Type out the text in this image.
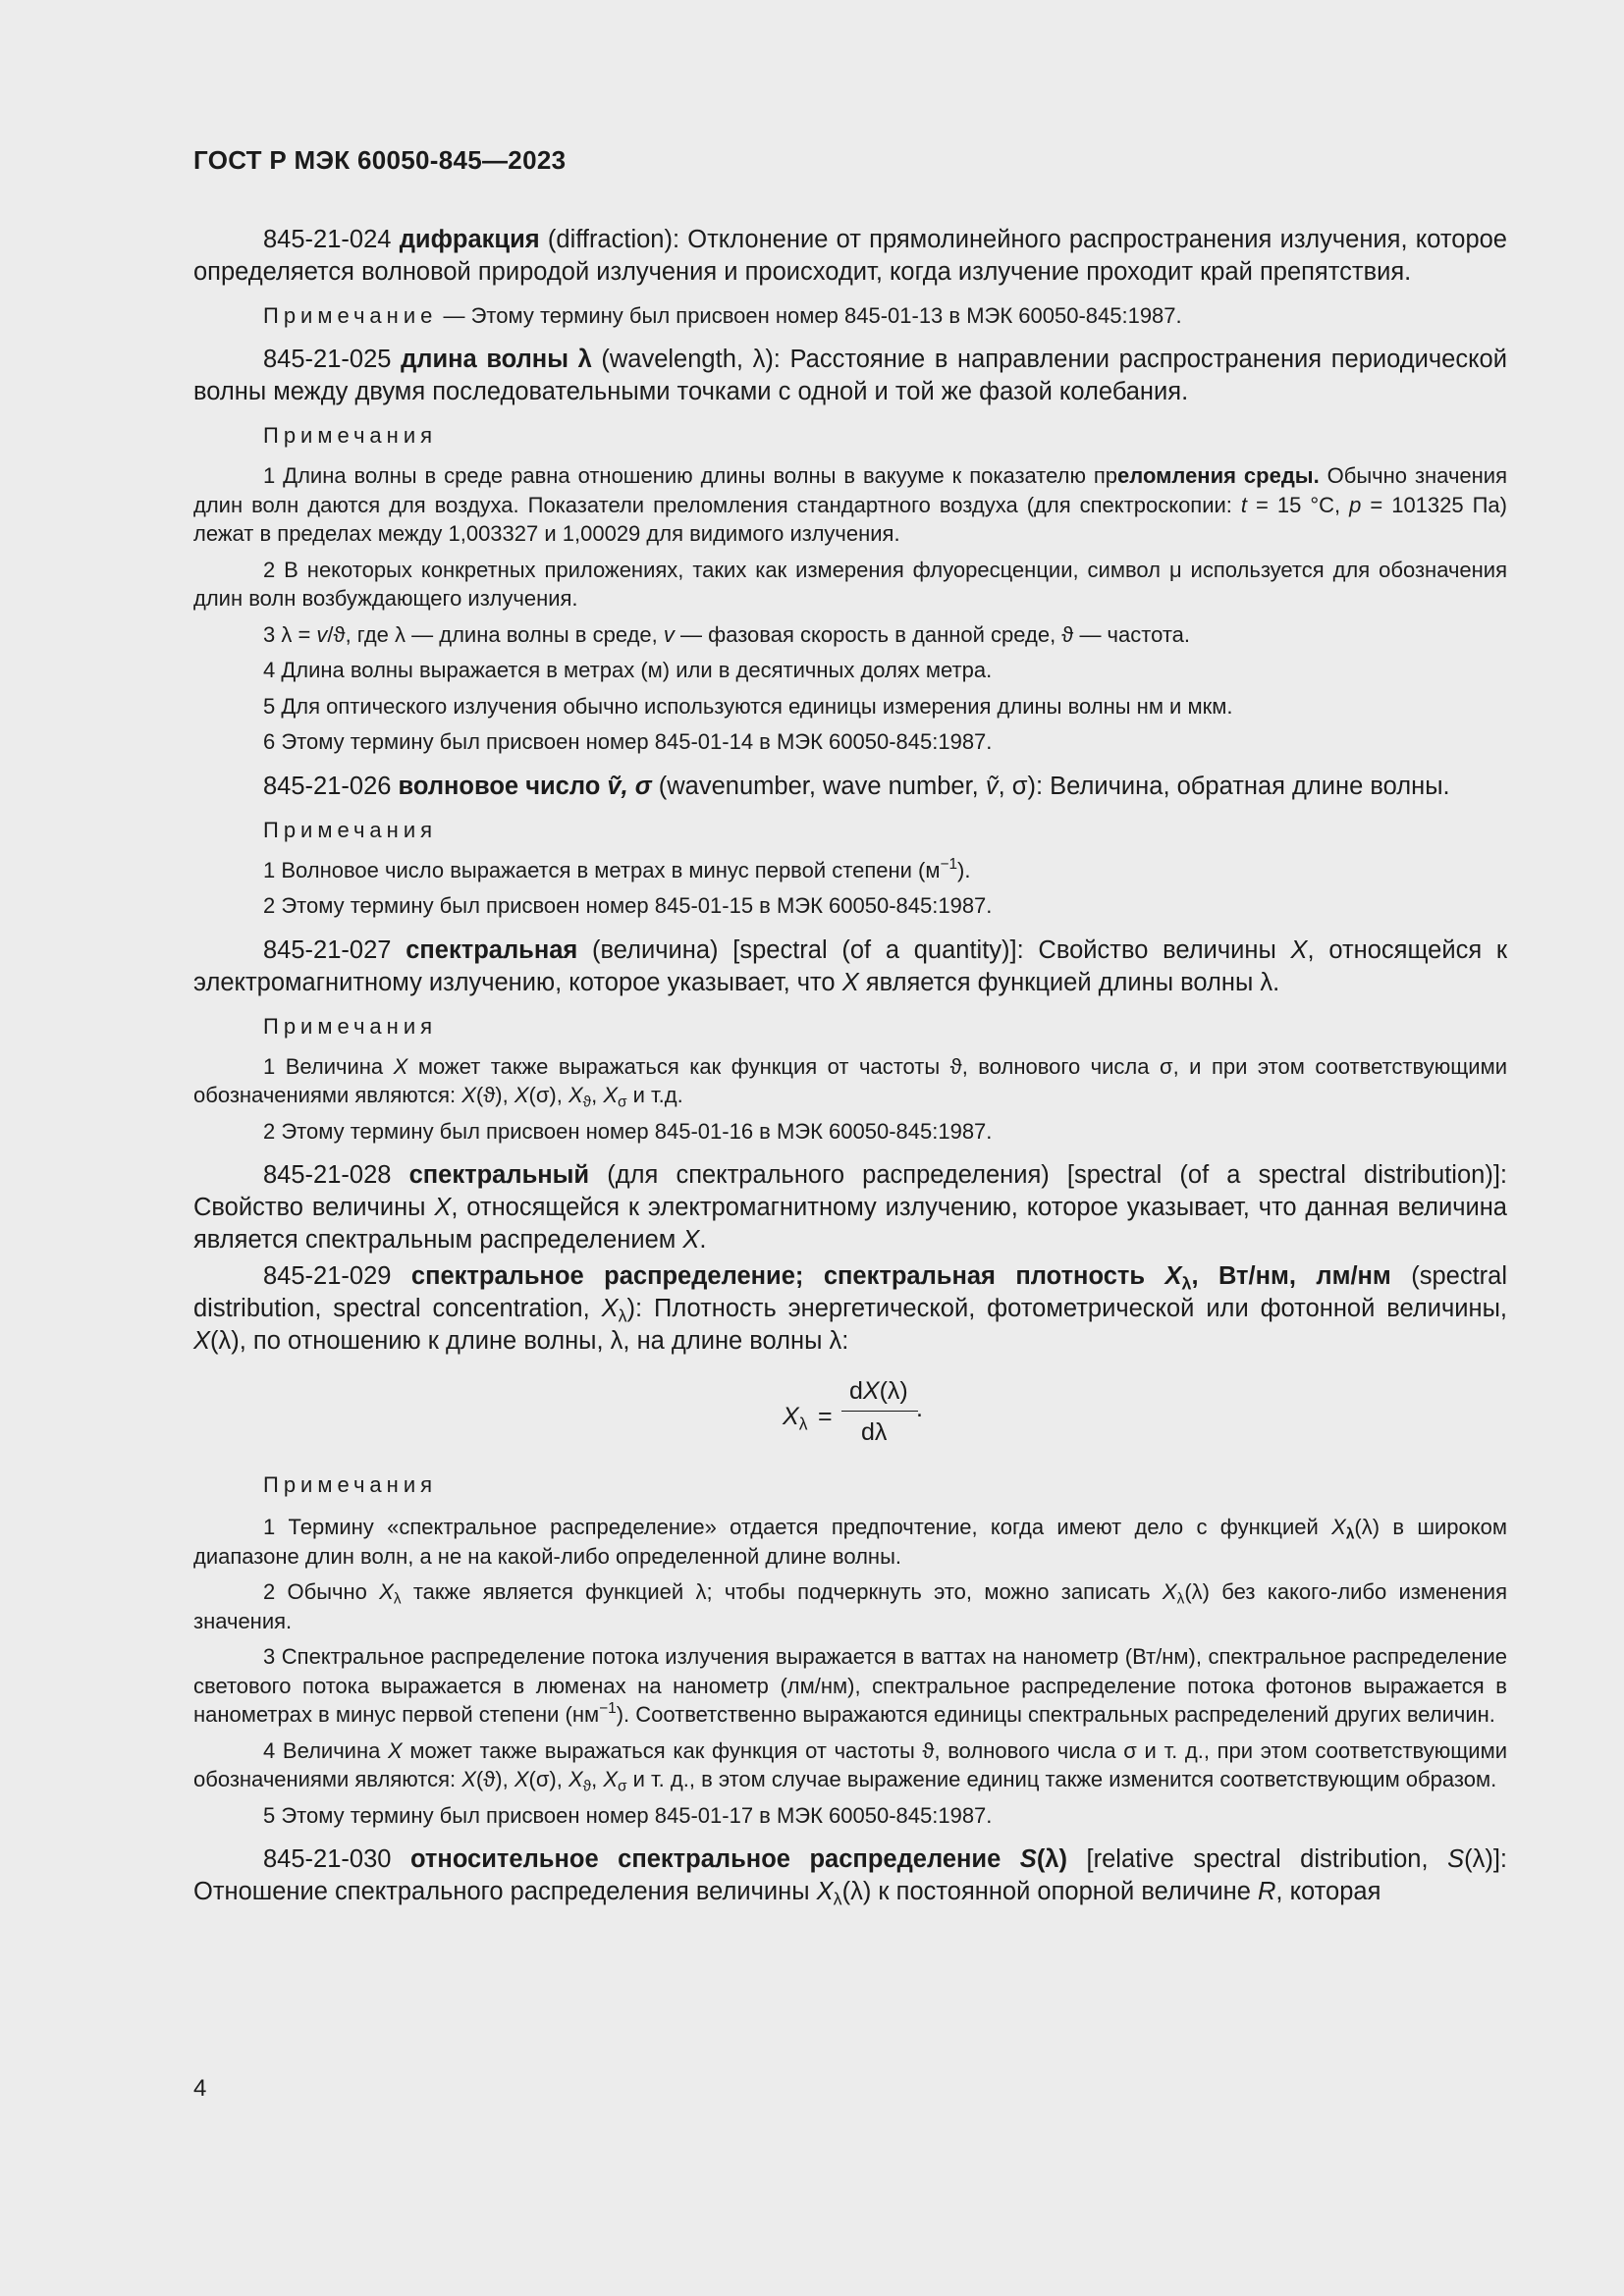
ГОСТ Р МЭК 60050-845—2023

845-21-024 дифракция (diffraction): Отклонение от прямолинейного распространения излучения, которое определяется волновой природой излучения и происходит, когда излучение проходит край препятствия.

Примечание — Этому термину был присвоен номер 845-01-13 в МЭК 60050-845:1987.

845-21-025 длина волны λ (wavelength, λ): Расстояние в направлении распространения периодической волны между двумя последовательными точками с одной и той же фазой колебания.

Примечания

1 Длина волны в среде равна отношению длины волны в вакууме к показателю преломления среды. Обычно значения длин волн даются для воздуха. Показатели преломления стандартного воздуха (для спектроскопии: t = 15 °С, p = 101325 Па) лежат в пределах между 1,003327 и 1,00029 для видимого излучения.

2 В некоторых конкретных приложениях, таких как измерения флуоресценции, символ μ используется для обозначения длин волн возбуждающего излучения.

3 λ = v/ϑ, где λ — длина волны в среде, v — фазовая скорость в данной среде, ϑ — частота.

4 Длина волны выражается в метрах (м) или в десятичных долях метра.

5 Для оптического излучения обычно используются единицы измерения длины волны нм и мкм.

6 Этому термину был присвоен номер 845-01-14 в МЭК 60050-845:1987.

845-21-026 волновое число ṽ, σ (wavenumber, wave number, ṽ, σ): Величина, обратная длине волны.

Примечания

1 Волновое число выражается в метрах в минус первой степени $(м^{-1})$.

2 Этому термину был присвоен номер 845-01-15 в МЭК 60050-845:1987.

845-21-027 спектральная (величина) [spectral (of a quantity)]: Свойство величины X, относящейся к электромагнитному излучению, которое указывает, что X является функцией длины волны λ.

Примечания

1 Величина X может также выражаться как функция от частоты ϑ, волнового числа σ, и при этом соответствующими обозначениями являются: X(ϑ), X(σ), $X_ϑ$, $X_\sigma$ и т.д.

2 Этому термину был присвоен номер 845-01-16 в МЭК 60050-845:1987.

845-21-028 спектральный (для спектрального распределения) [spectral (of a spectral distribution)]: Свойство величины X, относящейся к электромагнитному излучению, которое указывает, что данная величина является спектральным распределением X.

845-21-029 спектральное распределение; спектральная плотность $X_\lambda$, Вт/нм, лм/нм (spectral distribution, spectral concentration, $X_\lambda$): Плотность энергетической, фотометрической или фотонной величины, X(λ), по отношению к длине волны, λ, на длине волны λ:

$X_\lambda$ =
dX(λ)
dλ
.

Примечания

1 Термину «спектральное распределение» отдается предпочтение, когда имеют дело с функцией $X_\lambda(\lambda)$ в широком диапазоне длин волн, а не на какой-либо определенной длине волны.

2 Обычно $X_\lambda$ также является функцией λ; чтобы подчеркнуть это, можно записать $X_\lambda(\lambda)$ без какого-либо изменения значения.

3 Спектральное распределение потока излучения выражается в ваттах на нанометр (Вт/нм), спектральное распределение светового потока выражается в люменах на нанометр (лм/нм), спектральное распределение потока фотонов выражается в нанометрах в минус первой степени $(нм^{-1})$. Соответственно выражаются единицы спектральных распределений других величин.

4 Величина X может также выражаться как функция от частоты ϑ, волнового числа σ и т. д., при этом соответствующими обозначениями являются: X(ϑ), X(σ), $X_ϑ$, $X_\sigma$ и т. д., в этом случае выражение единиц также изменится соответствующим образом.

5 Этому термину был присвоен номер 845-01-17 в МЭК 60050-845:1987.

845-21-030 относительное спектральное распределение S(λ) [relative spectral distribution, S(λ)]: Отношение спектрального распределения величины $X_\lambda(\lambda)$ к постоянной опорной величине R, которая

4
